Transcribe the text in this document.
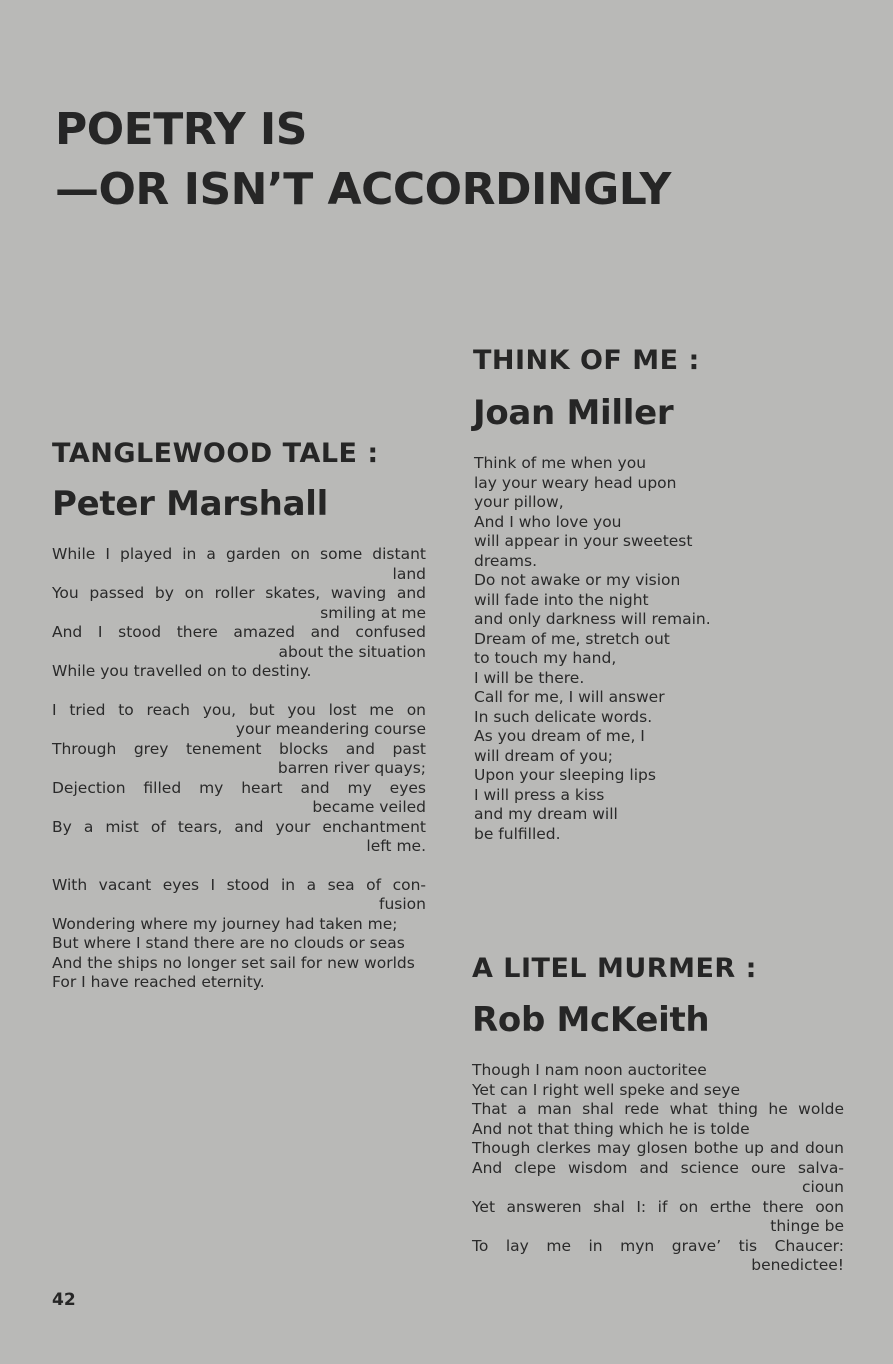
POETRY IS
—OR ISN’T ACCORDINGLY
TANGLEWOOD TALE :
Peter Marshall
While I played in a garden on some distant
land
You passed by on roller skates, waving and
smiling at me
And I stood there amazed and confused
about the situation
While you travelled on to destiny.
I tried to reach you, but you lost me on
your meandering course
Through grey tenement blocks and past
barren river quays;
Dejection filled my heart and my eyes
became veiled
By a mist of tears, and your enchantment
left me.
With vacant eyes I stood in a sea of con-
fusion
Wondering where my journey had taken me;
But where I stand there are no clouds or seas
And the ships no longer set sail for new worlds
For I have reached eternity.
THINK OF ME :
Joan Miller
Think of me when you
lay your weary head upon
your pillow,
And I who love you
will appear in your sweetest
dreams.
Do not awake or my vision
will fade into the night
and only darkness will remain.
Dream of me, stretch out
to touch my hand,
I will be there.
Call for me, I will answer
In such delicate words.
As you dream of me, I
will dream of you;
Upon your sleeping lips
I will press a kiss
and my dream will
be fulfilled.
A LITEL MURMER :
Rob McKeith
Though I nam noon auctoritee
Yet can I right well speke and seye
That a man shal rede what thing he wolde
And not that thing which he is tolde
Though clerkes may glosen bothe up and doun
And clepe wisdom and science oure salva-
cioun
Yet answeren shal I: if on erthe there oon
thinge be
To lay me in myn grave’ tis Chaucer:
benedictee!
42
